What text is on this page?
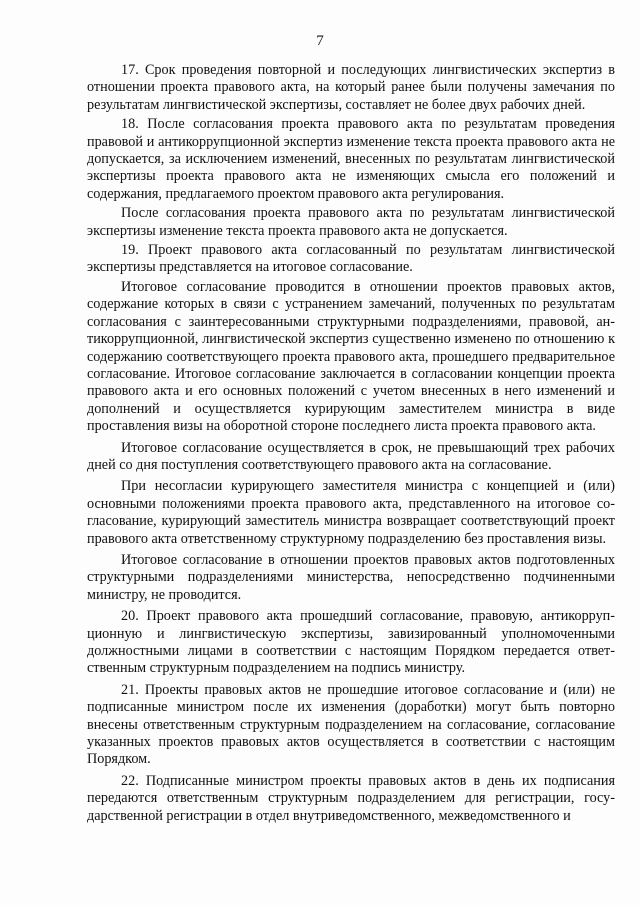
7

17. Срок проведения повторной и последующих лингвистических экспертиз в отношении проекта правового акта, на который ранее были получены замечания по результатам лингвистической экспертизы, составляет не более двух рабочих дней.

18. После согласования проекта правового акта по результатам проведения правовой и антикоррупционной экспертиз изменение текста проекта правового акта не допускается, за исключением изменений, внесенных по результатам лингвистической экспертизы проекта правового акта не изменяющих смысла его положений и содержания, предлагаемого проектом правового акта регулирования.

После согласования проекта правового акта по результатам лингвистической экспертизы изменение текста проекта правового акта не допускается.

19. Проект правового акта согласованный по результатам лингвистической экспертизы представляется на итоговое согласование.

Итоговое согласование проводится в отношении проектов правовых актов, содержание которых в связи с устранением замечаний, полученных по результатам согласования с заинтересованными структурными подразделениями, правовой, антикоррупционной, лингвистической экспертиз существенно изменено по отношению к содержанию соответствующего проекта правового акта, прошедшего предварительное согласование. Итоговое согласование заключается в согласовании концепции проекта правового акта и его основных положений с учетом внесенных в него изменений и дополнений и осуществляется курирующим заместителем министра в виде проставления визы на оборотной стороне последнего листа проекта правового акта.

Итоговое согласование осуществляется в срок, не превышающий трех рабочих дней со дня поступления соответствующего правового акта на согласование.

При несогласии курирующего заместителя министра с концепцией и (или) основными положениями проекта правового акта, представленного на итоговое согласование, курирующий заместитель министра возвращает соответствующий проект правового акта ответственному структурному подразделению без проставления визы.

Итоговое согласование в отношении проектов правовых актов подготовленных структурными подразделениями министерства, непосредственно подчиненными министру, не проводится.

20. Проект правового акта прошедший согласование, правовую, антикоррупционную и лингвистическую экспертизы, завизированный уполномоченными должностными лицами в соответствии с настоящим Порядком передается ответственным структурным подразделением на подпись министру.

21. Проекты правовых актов не прошедшие итоговое согласование и (или) не подписанные министром после их изменения (доработки) могут быть повторно внесены ответственным структурным подразделением на согласование, согласование указанных проектов правовых актов осуществляется в соответствии с настоящим Порядком.

22. Подписанные министром проекты правовых актов в день их подписания передаются ответственным структурным подразделением для регистрации, государственной регистрации в отдел внутриведомственного, межведомственного и
